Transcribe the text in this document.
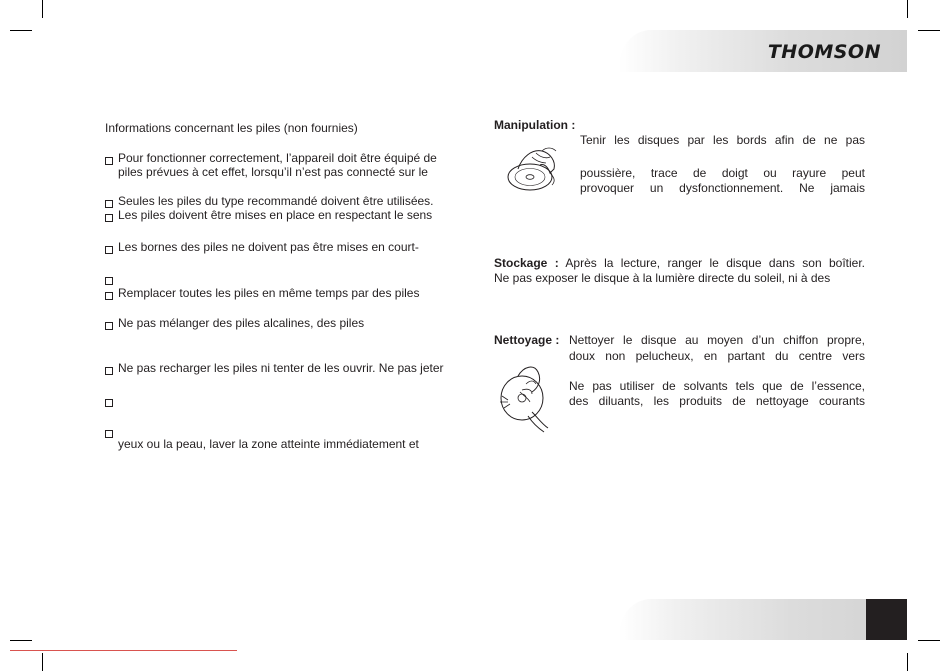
THOMSON
Informations concernant les piles (non fournies)
Pour fonctionner correctement, l’appareil doit être équipé de
piles prévues à cet effet, lorsqu’il n’est pas connecté sur le
Seules les piles du type recommandé doivent être utilisées.
Les piles doivent être mises en place en respectant le sens
Les bornes des piles ne doivent pas être mises en court-
Remplacer toutes les piles en même temps par des piles
Ne pas mélanger des piles alcalines, des piles
Ne pas recharger les piles ni tenter de les ouvrir. Ne pas jeter
yeux ou la peau, laver la zone atteinte immédiatement et
Manipulation :
Tenir les disques par les bords afin de ne pas
poussière, trace de doigt ou rayure peut
provoquer un dysfonctionnement. Ne jamais
Stockage : Après la lecture, ranger le disque dans son boîtier.
Ne pas exposer le disque à la lumière directe du soleil, ni à des
Nettoyage : Nettoyer le disque au moyen d’un chiffon propre,
doux non pelucheux, en partant du centre vers
Ne pas utiliser de solvants tels que de l’essence,
des diluants, les produits de nettoyage courants
